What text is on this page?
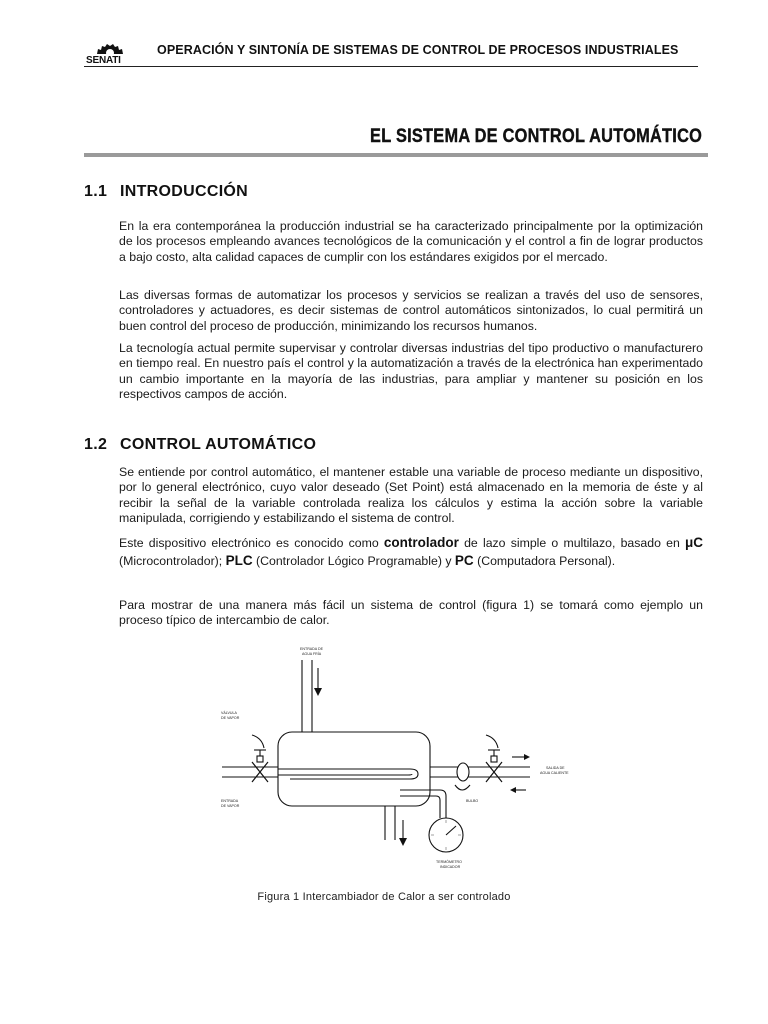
SENATI
OPERACIÓN Y SINTONÍA DE SISTEMAS DE CONTROL DE PROCESOS INDUSTRIALES
EL SISTEMA DE CONTROL AUTOMÁTICO
1.1 INTRODUCCIÓN
En la era contemporánea la producción industrial se ha caracterizado principalmente por la optimización de los procesos empleando avances tecnológicos de la comunicación y el control a fin de lograr productos a bajo costo, alta calidad capaces de cumplir con los estándares exigidos por el mercado.
Las diversas formas de automatizar los procesos y servicios se realizan a través del uso de sensores, controladores y actuadores, es decir sistemas de control automáticos sintonizados, lo cual permitirá un buen control del proceso de producción, minimizando los recursos humanos.
La tecnología actual permite supervisar y controlar diversas industrias del tipo productivo o manufacturero en tiempo real. En nuestro país el control y la automatización a través de la electrónica han experimentado un cambio importante en la mayoría de las industrias, para ampliar y mantener su posición en los respectivos campos de acción.
1.2 CONTROL AUTOMÁTICO
Se entiende por control automático, el mantener estable una variable de proceso mediante un dispositivo, por lo general electrónico, cuyo valor deseado (Set Point) está almacenado en la memoria de éste y al recibir la señal de la variable controlada realiza los cálculos y estima la acción sobre la variable manipulada, corrigiendo y estabilizando el sistema de control.
Este dispositivo electrónico es conocido como controlador de lazo simple o multilazo, basado en μC (Microcontrolador); PLC (Controlador Lógico Programable) y PC (Computadora Personal).
Para mostrar de una manera más fácil un sistema de control (figura 1) se tomará como ejemplo un proceso típico de intercambio de calor.
ENTRADA DE
AGUA FRÍA
VÁLVULA
DE VAPOR
ENTRADA
DE VAPOR
SALIDA DE
AGUA CALIENTE
BULBO
TERMÓMETRO
INDICADOR
Figura 1 Intercambiador de Calor a ser controlado
